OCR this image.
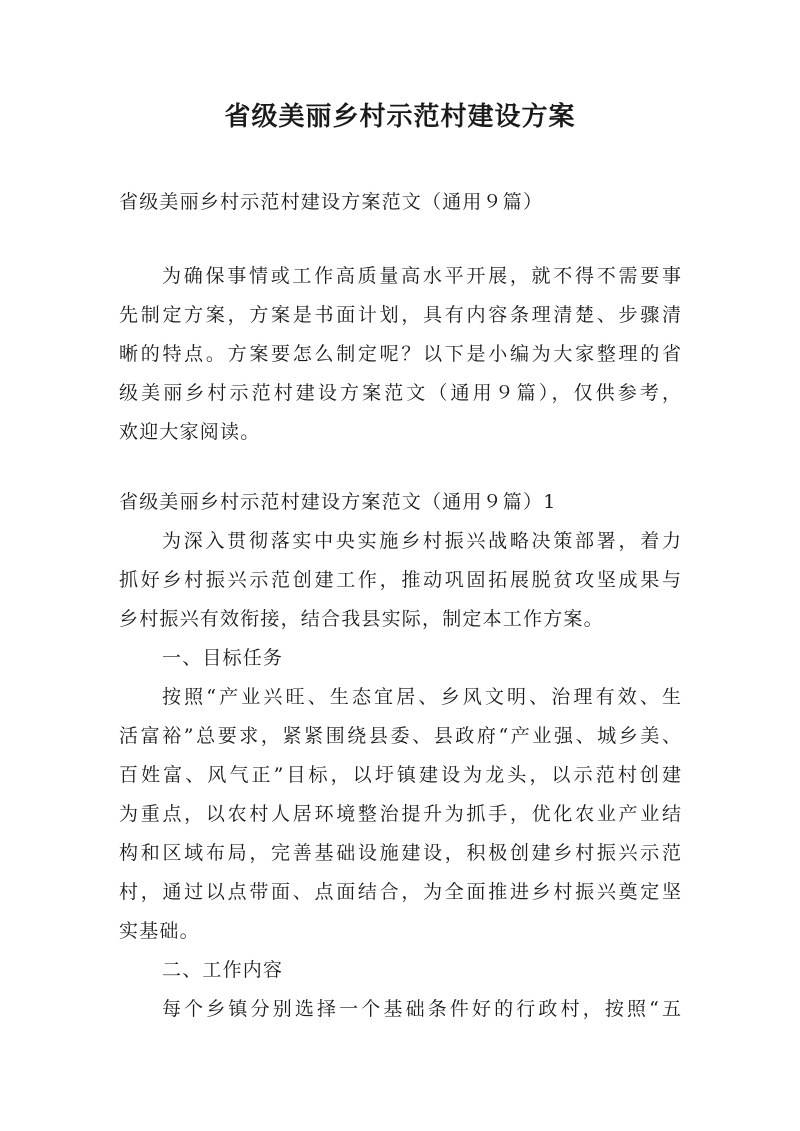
省级美丽乡村示范村建设方案

省级美丽乡村示范村建设方案范文（通用９篇）

为确保事情或工作高质量高水平开展，就不得不需要事

先制定方案，方案是书面计划，具有内容条理清楚、步骤清

晰的特点。方案要怎么制定呢？以下是小编为大家整理的省

级美丽乡村示范村建设方案范文（通用９篇），仅供参考，

欢迎大家阅读。

省级美丽乡村示范村建设方案范文（通用９篇）1

为深入贯彻落实中央实施乡村振兴战略决策部署，着力

抓好乡村振兴示范创建工作，推动巩固拓展脱贫攻坚成果与

乡村振兴有效衔接，结合我县实际，制定本工作方案。

一、目标任务

按照“产业兴旺、生态宜居、乡风文明、治理有效、生

活富裕”总要求，紧紧围绕县委、县政府“产业强、城乡美、

百姓富、风气正”目标，以圩镇建设为龙头，以示范村创建

为重点，以农村人居环境整治提升为抓手，优化农业产业结

构和区域布局，完善基础设施建设，积极创建乡村振兴示范

村，通过以点带面、点面结合，为全面推进乡村振兴奠定坚

实基础。

二、工作内容

每个乡镇分别选择一个基础条件好的行政村，按照“五
